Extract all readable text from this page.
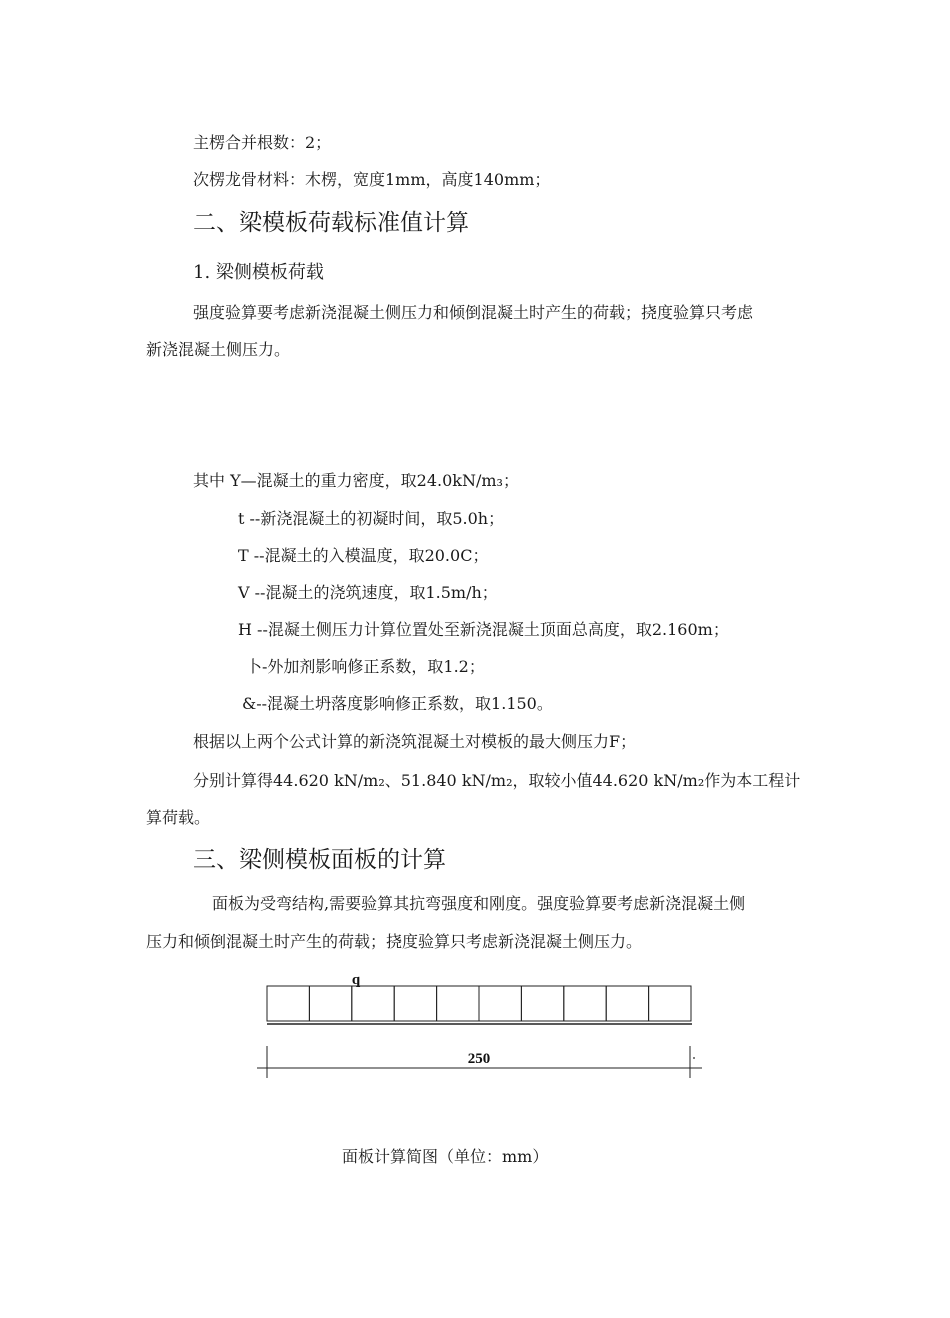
主楞合并根数：2；
次楞龙骨材料：木楞，宽度1mm，高度140mm；
二、梁模板荷载标准值计算
1. 梁侧模板荷载
强度验算要考虑新浇混凝土侧压力和倾倒混凝土时产生的荷载；挠度验算只考虑
新浇混凝土侧压力。
其中 Y—混凝土的重力密度，取24.0kN/m₃；
t --新浇混凝土的初凝时间，取5.0h；
T --混凝土的入模温度，取20.0C；
V --混凝土的浇筑速度，取1.5m/h；
H --混凝土侧压力计算位置处至新浇混凝土顶面总高度，取2.160m；
卜-外加剂影响修正系数，取1.2；
&--混凝土坍落度影响修正系数，取1.150。
根据以上两个公式计算的新浇筑混凝土对模板的最大侧压力F；
分别计算得44.620 kN/m₂、51.840 kN/m₂，取较小值44.620 kN/m₂作为本工程计
算荷载。
三、梁侧模板面板的计算
面板为受弯结构,需要验算其抗弯强度和刚度。强度验算要考虑新浇混凝土侧
压力和倾倒混凝土时产生的荷载；挠度验算只考虑新浇混凝土侧压力。
q
250
面板计算简图（单位：mm）
